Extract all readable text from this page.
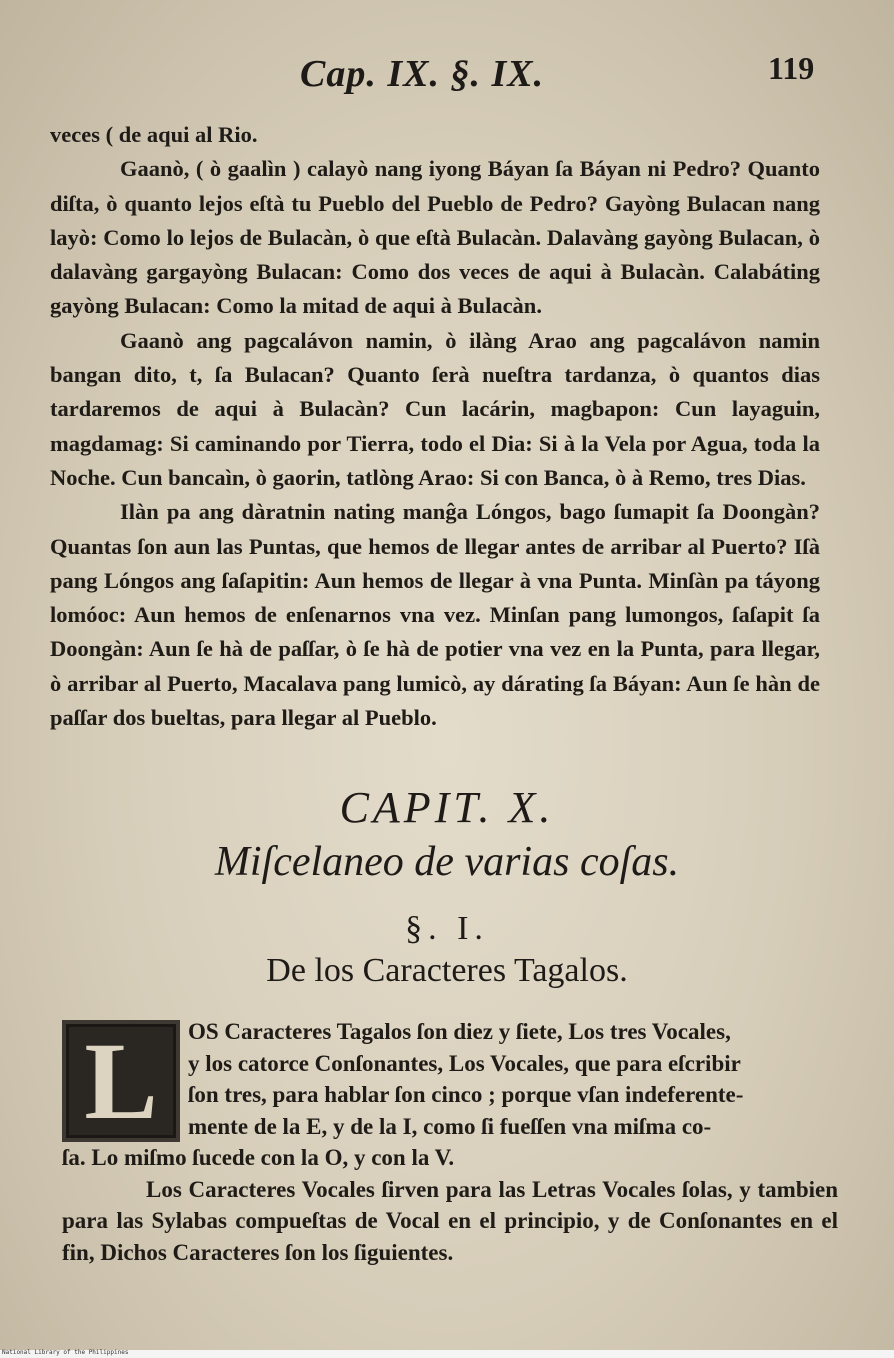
Cap. IX. §. IX.	119

veces ( de aqui al Rio.

Gaanò, ( ò gaalìn ) calayò nang iyong Báyan ſa Báyan ni Pedro? Quanto diſta, ò quanto lejos eſtà tu Pueblo del Pueblo de Pedro? Gayòng Bulacan nang layò: Como lo lejos de Bulacàn, ò que eſtà Bulacàn. Dalavàng gayòng Bulacan, ò dalavàng gargayòng Bulacan: Como dos veces de aqui à Bulacàn. Calabáting gayòng Bulacan: Como la mitad de aqui à Bulacàn.

Gaanò ang pagcalávon namin, ò ilàng Arao ang pagcalávon namin bangan dito, t, ſa Bulacan? Quanto ſerà nueſtra tardanza, ò quantos dias tardaremos de aqui à Bulacàn? Cun lacárin, magbapon: Cun layaguin, magdamag: Si caminando por Tierra, todo el Dia: Si à la Vela por Agua, toda la Noche. Cun bancaìn, ò gaorin, tatlòng Arao: Si con Banca, ò à Remo, tres Dias.

Ilàn pa ang dàratnin nating manĝa Lóngos, bago ſumapit ſa Doongàn? Quantas ſon aun las Puntas, que hemos de llegar antes de arribar al Puerto? Iſà pang Lóngos ang ſaſapitin: Aun hemos de llegar à vna Punta. Minſàn pa táyong lomóoc: Aun hemos de enſenarnos vna vez. Minſan pang lumongos, ſaſapit ſa Doongàn: Aun ſe hà de paſſar, ò ſe hà de potier vna vez en la Punta, para llegar, ò arribar al Puerto, Macalava pang lumicò, ay dárating ſa Báyan: Aun ſe hàn de paſſar dos bueltas, para llegar al Pueblo.

CAPIT. X.
Miſcelaneo de varias coſas.
§. I.
De los Caracteres Tagalos.
L	OS Caracteres Tagalos ſon diez y ſiete, Los tres Vocales,

y los catorce Conſonantes, Los Vocales, que para eſcribir

ſon tres, para hablar ſon cinco ; porque vſan indeferente-

mente de la E, y de la I, como ſi fueſſen vna miſma co-

ſa. Lo miſmo ſucede con la O, y con la V.

Los Caracteres Vocales ſirven para las Letras Vocales ſolas, y tambien para las Sylabas compueſtas de Vocal en el principio, y de Conſonantes en el fin, Dichos Caracteres ſon los ſiguientes.

National Library of the Philippines
